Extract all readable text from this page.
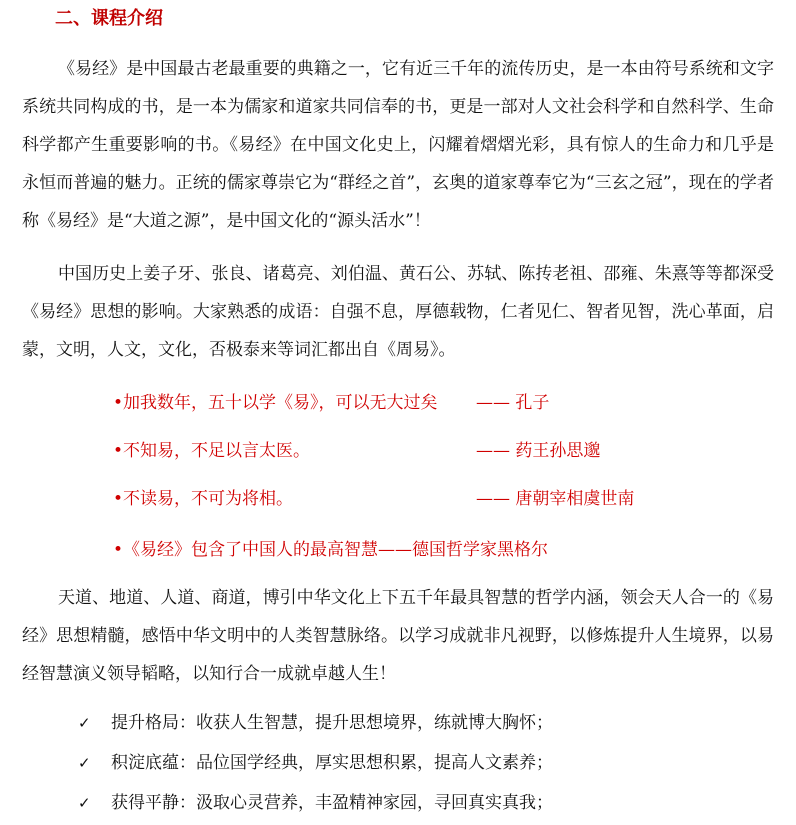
二、课程介绍

《易经》是中国最古老最重要的典籍之一，它有近三千年的流传历史，是一本由符号系统和文字系统共同构成的书，是一本为儒家和道家共同信奉的书，更是一部对人文社会科学和自然科学、生命科学都产生重要影响的书。《易经》在中国文化史上，闪耀着熠熠光彩，具有惊人的生命力和几乎是永恒而普遍的魅力。正统的儒家尊崇它为“群经之首”，玄奥的道家尊奉它为“三玄之冠”，现在的学者称《易经》是“大道之源”，是中国文化的“源头活水”！

中国历史上姜子牙、张良、诸葛亮、刘伯温、黄石公、苏轼、陈抟老祖、邵雍、朱熹等等都深受《易经》思想的影响。大家熟悉的成语：自强不息，厚德载物，仁者见仁、智者见智，洗心革面，启蒙，文明，人文，文化，否极泰来等词汇都出自《周易》。

•加我数年，五十以学《易》，可以无大过矣 —— 孔子
•不知易，不足以言太医。	—— 药王孙思邈
•不读易，不可为将相。	—— 唐朝宰相虞世南
•《易经》包含了中国人的最高智慧——德国哲学家黑格尔

天道、地道、人道、商道，博引中华文化上下五千年最具智慧的哲学内涵，领会天人合一的《易经》思想精髓，感悟中华文明中的人类智慧脉络。以学习成就非凡视野，以修炼提升人生境界，以易经智慧演义领导韬略，以知行合一成就卓越人生！

✓ 提升格局：收获人生智慧，提升思想境界，练就博大胸怀；
✓ 积淀底蕴：品位国学经典，厚实思想积累，提高人文素养；
✓ 获得平静：汲取心灵营养，丰盈精神家园，寻回真实真我；
